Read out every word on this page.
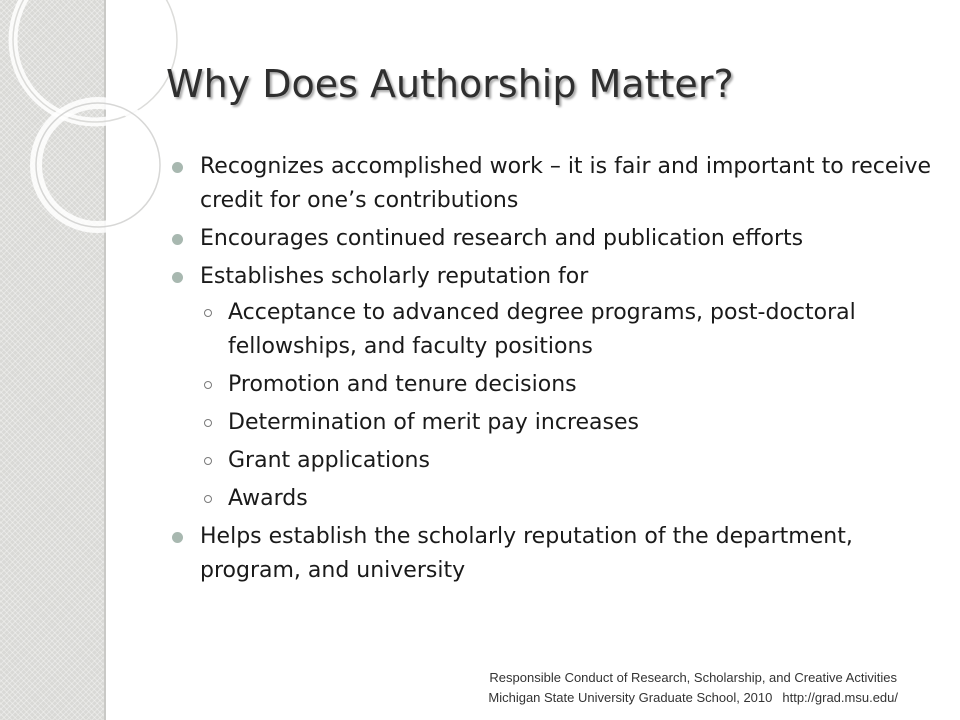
Why Does Authorship Matter?
Recognizes accomplished work – it is fair and important to receive credit for one’s contributions
Encourages continued research and publication efforts
Establishes scholarly reputation for
Acceptance to advanced degree programs, post-doctoral fellowships, and faculty positions
Promotion and tenure decisions
Determination of merit pay increases
Grant applications
Awards
Helps establish the scholarly reputation of the department, program, and university
Responsible Conduct of Research, Scholarship, and Creative Activities
Michigan State University Graduate School, 2010 http://grad.msu.edu/
